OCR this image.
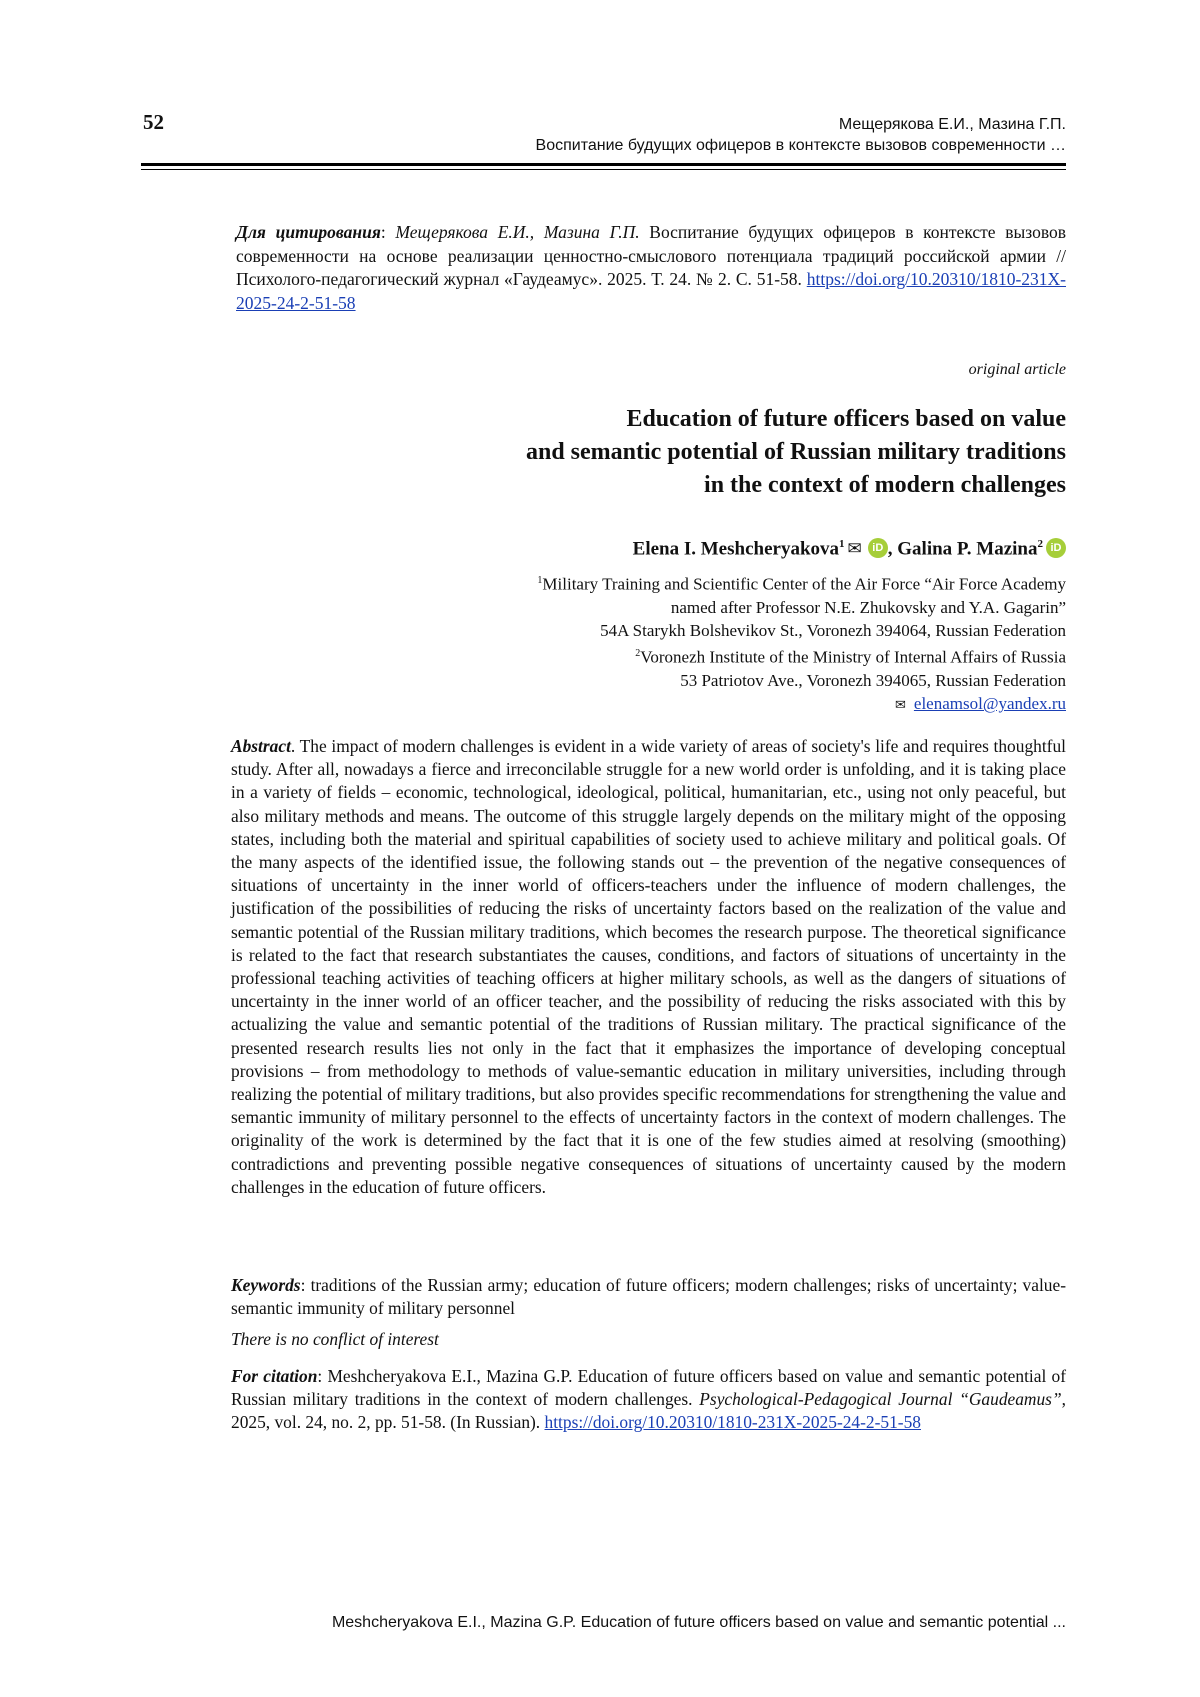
52	Мещерякова Е.И., Мазина Г.П.
Воспитание будущих офицеров в контексте вызовов современности …
Для цитирования: Мещерякова Е.И., Мазина Г.П. Воспитание будущих офицеров в контексте вызовов современности на основе реализации ценностно-смыслового потенциала традиций российской армии // Психолого-педагогический журнал «Гаудеамус». 2025. Т. 24. № 2. С. 51-58. https://doi.org/10.20310/1810-231X-2025-24-2-51-58
original article
Education of future officers based on value
and semantic potential of Russian military traditions
in the context of modern challenges
Elena I. Meshcheryakova$^1$ ✉ iD , Galina P. Mazina$^2$ iD
$^1$Military Training and Scientific Center of the Air Force “Air Force Academy
named after Professor N.E. Zhukovsky and Y.A. Gagarin”
54A Starykh Bolshevikov St., Voronezh 394064, Russian Federation
$^2$Voronezh Institute of the Ministry of Internal Affairs of Russia
53 Patriotov Ave., Voronezh 394065, Russian Federation
✉ elenamsol@yandex.ru
Abstract. The impact of modern challenges is evident in a wide variety of areas of society's life and requires thoughtful study. After all, nowadays a fierce and irreconcilable struggle for a new world order is unfolding, and it is taking place in a variety of fields – economic, technological, ideological, political, humanitarian, etc., using not only peaceful, but also military methods and means. The outcome of this struggle largely depends on the military might of the opposing states, including both the material and spiritual capabilities of society used to achieve military and political goals. Of the many aspects of the identified issue, the following stands out – the prevention of the negative consequences of situations of uncertainty in the inner world of officers-teachers under the influence of modern challenges, the justification of the possibilities of reducing the risks of uncertainty factors based on the realization of the value and semantic potential of the Russian military traditions, which becomes the research purpose. The theoretical significance is related to the fact that research substantiates the causes, conditions, and factors of situations of uncertainty in the professional teaching activities of teaching officers at higher military schools, as well as the dangers of situations of uncertainty in the inner world of an officer teacher, and the possibility of reducing the risks associated with this by actualizing the value and semantic potential of the traditions of Russian military. The practical significance of the presented research results lies not only in the fact that it emphasizes the importance of developing conceptual provisions – from methodology to methods of value-semantic education in military universities, including through realizing the potential of military traditions, but also provides specific recommendations for strengthening the value and semantic immunity of military personnel to the effects of uncertainty factors in the context of modern challenges. The originality of the work is determined by the fact that it is one of the few studies aimed at resolving (smoothing) contradictions and preventing possible negative consequences of situations of uncertainty caused by the modern challenges in the education of future officers.
Keywords: traditions of the Russian army; education of future officers; modern challenges; risks of uncertainty; value-semantic immunity of military personnel
There is no conflict of interest
For citation: Meshcheryakova E.I., Mazina G.P. Education of future officers based on value and semantic potential of Russian military traditions in the context of modern challenges. Psychological-Pedagogical Journal “Gaudeamus”, 2025, vol. 24, no. 2, pp. 51-58. (In Russian). https://doi.org/10.20310/1810-231X-2025-24-2-51-58
Meshcheryakova E.I., Mazina G.P. Education of future officers based on value and semantic potential ...
